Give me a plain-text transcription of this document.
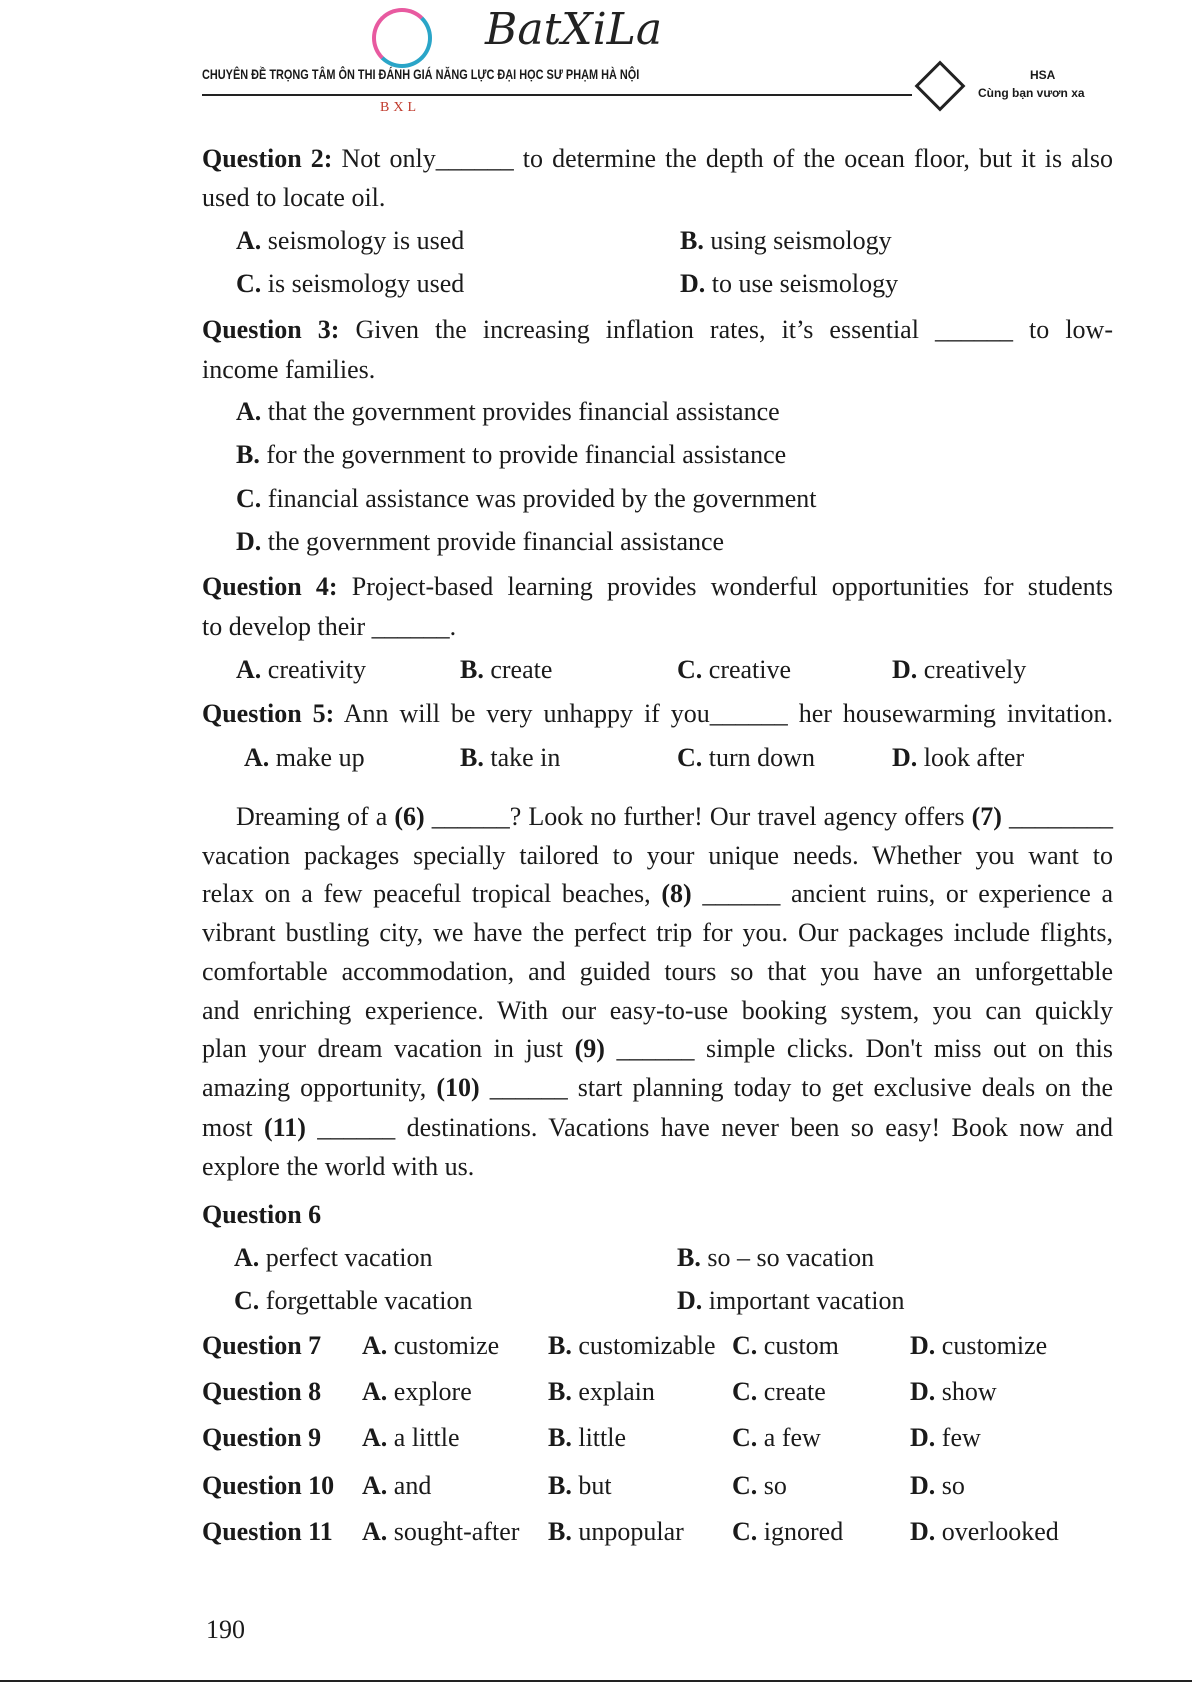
BXL
BatXiLa
CHUYÊN ĐỀ TRỌNG TÂM ÔN THI ĐÁNH GIÁ NĂNG LỰC ĐẠI HỌC SƯ PHẠM HÀ NỘI	HSA
Cùng bạn vươn xa
Question 2: Not only______ to determine the depth of the ocean floor, but it is also
used to locate oil.
A. seismology is used	B. using seismology
C. is seismology used	D. to use seismology
Question 3: Given the increasing inflation rates, it’s essential ______ to low-
income families.
A. that the government provides financial assistance
B. for the government to provide financial assistance
C. financial assistance was provided by the government
D. the government provide financial assistance
Question 4: Project-based learning provides wonderful opportunities for students
to develop their ______.
A. creativity	B. create	C. creative	D. creatively
Question 5: Ann will be very unhappy if you______ her housewarming invitation.
A. make up	B. take in	C. turn down	D. look after
Dreaming of a (6) ______? Look no further! Our travel agency offers (7) ________
vacation packages specially tailored to your unique needs. Whether you want to
relax on a few peaceful tropical beaches, (8) ______ ancient ruins, or experience a
vibrant bustling city, we have the perfect trip for you. Our packages include flights,
comfortable accommodation, and guided tours so that you have an unforgettable
and enriching experience. With our easy-to-use booking system, you can quickly
plan your dream vacation in just (9) ______ simple clicks. Don't miss out on this
amazing opportunity, (10) ______ start planning today to get exclusive deals on the
most (11) ______ destinations. Vacations have never been so easy! Book now and
explore the world with us.
Question 6
A. perfect vacation	B. so – so vacation
C. forgettable vacation	D. important vacation
Question 7 A. customize B. customizable C. custom	D. customize
Question 8 A. explore	B. explain	C. create	D. show
Question 9 A. a little	B. little	C. a few	D. few
Question 10 A. and	B. but	C. so	D. so
Question 11 A. sought-after B. unpopular C. ignored	D. overlooked
190
